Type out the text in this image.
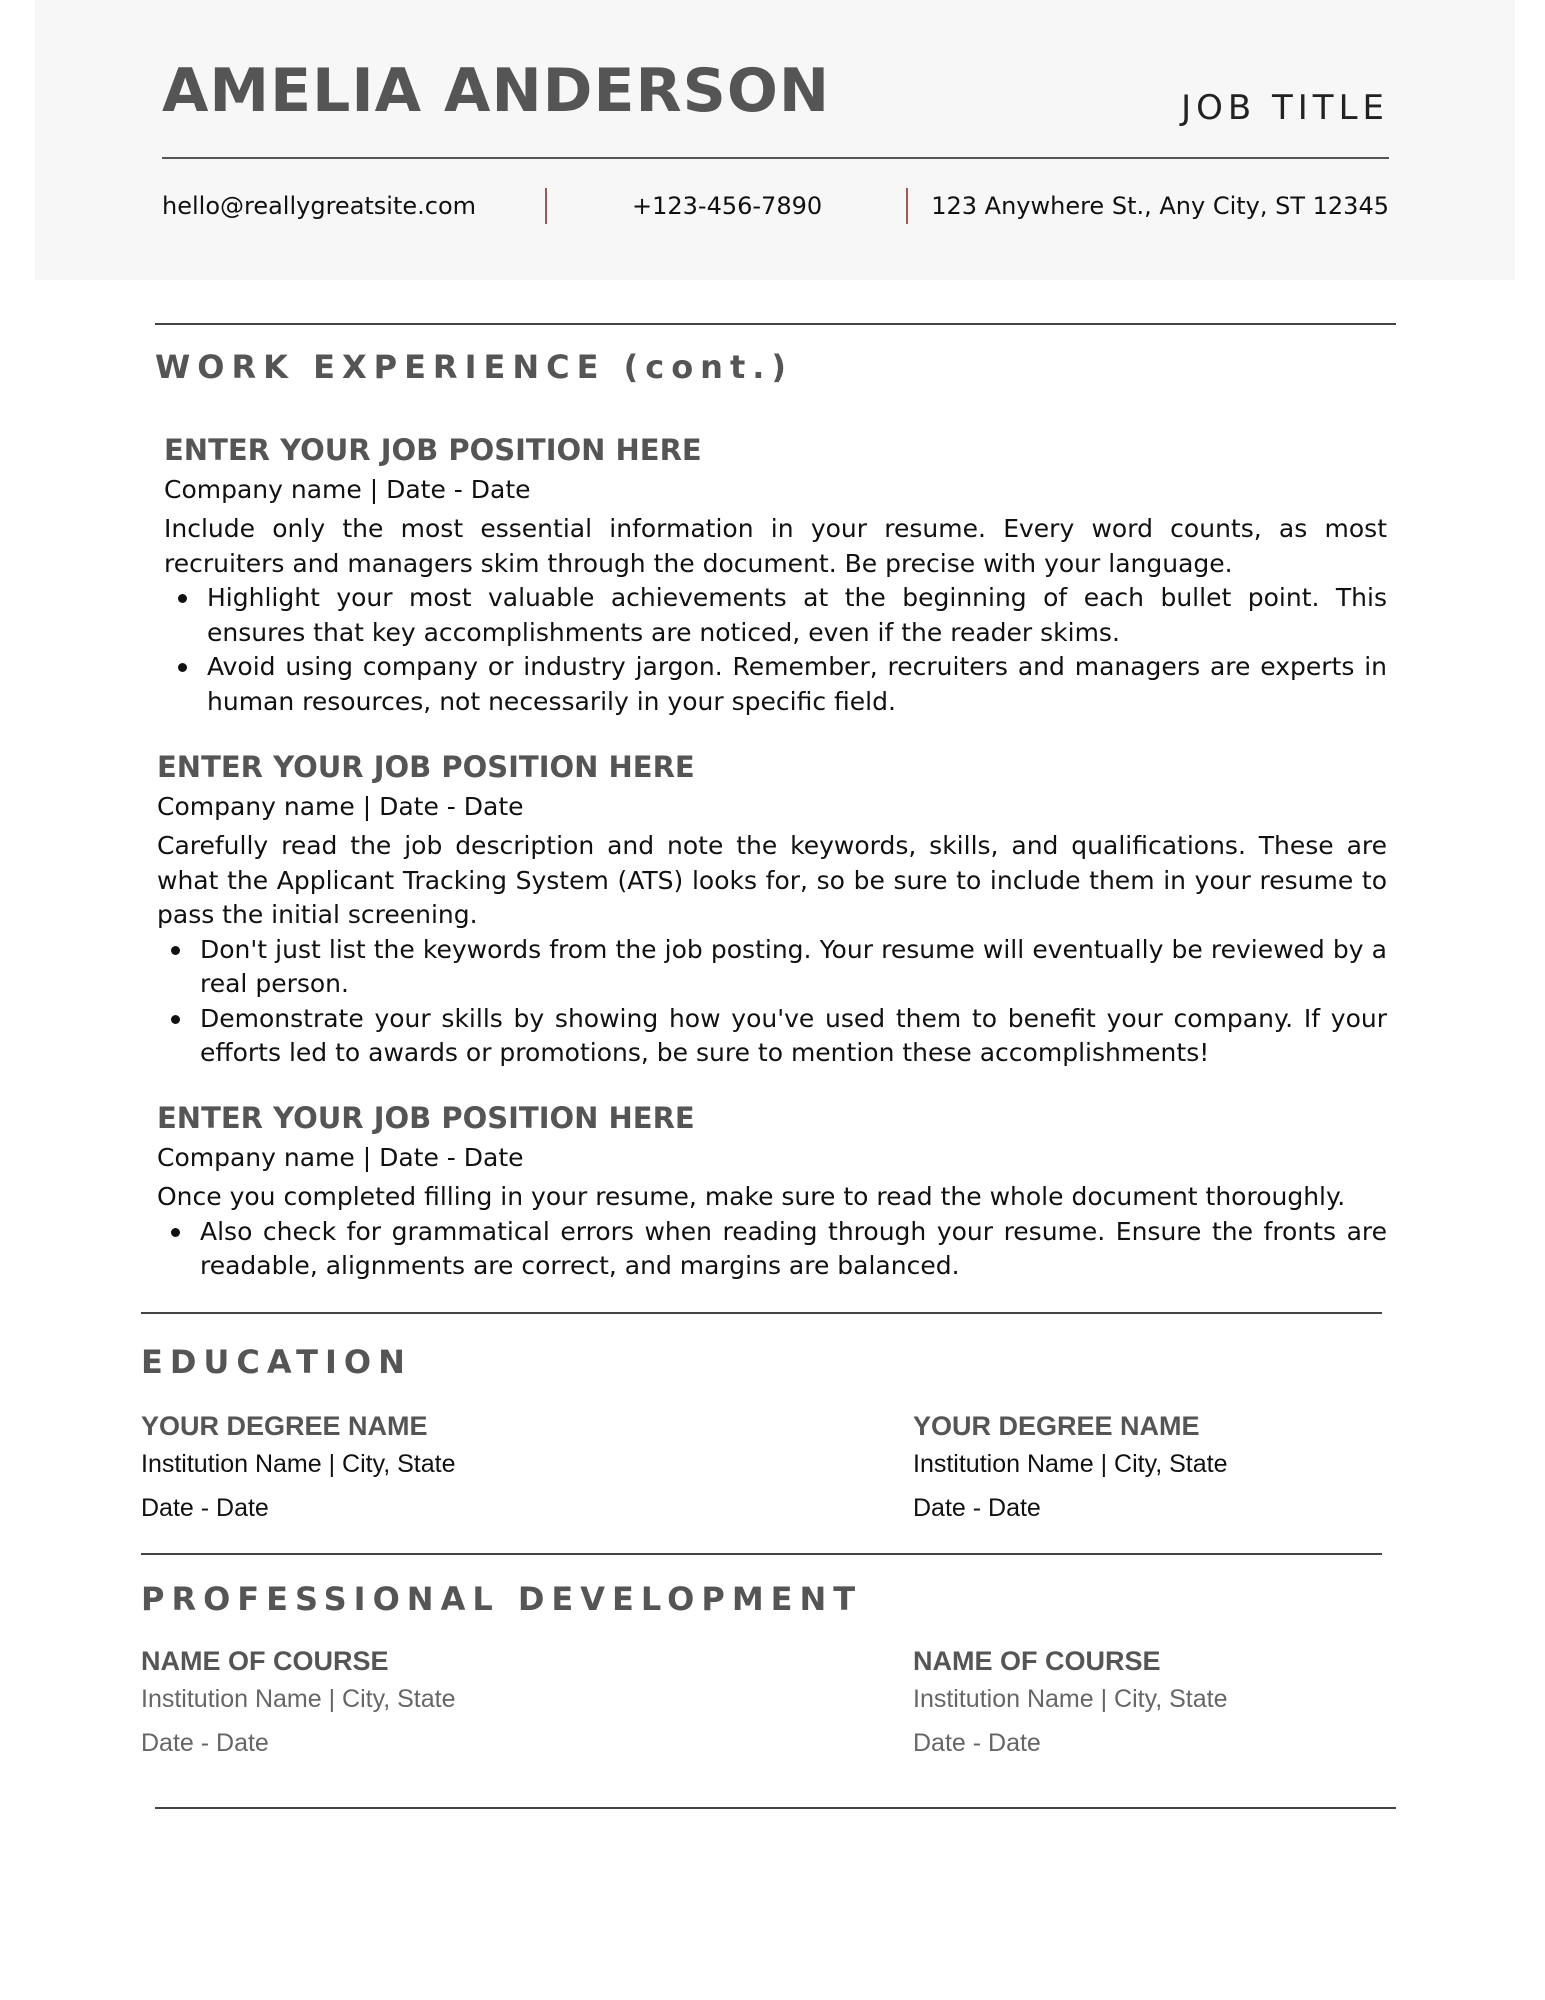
AMELIA ANDERSON	JOB TITLE
hello@reallygreatsite.com	+123-456-7890	123 Anywhere St., Any City, ST 12345
WORK EXPERIENCE (cont.)
ENTER YOUR JOB POSITION HERE
Company name | Date - Date
Include only the most essential information in your resume. Every word counts, as most recruiters and managers skim through the document. Be precise with your language.
Highlight your most valuable achievements at the beginning of each bullet point. This ensures that key accomplishments are noticed, even if the reader skims.
Avoid using company or industry jargon. Remember, recruiters and managers are experts in human resources, not necessarily in your specific field.
ENTER YOUR JOB POSITION HERE
Company name | Date - Date
Carefully read the job description and note the keywords, skills, and qualifications. These are what the Applicant Tracking System (ATS) looks for, so be sure to include them in your resume to pass the initial screening.
Don't just list the keywords from the job posting. Your resume will eventually be reviewed by a real person.
Demonstrate your skills by showing how you've used them to benefit your company. If your efforts led to awards or promotions, be sure to mention these accomplishments!
ENTER YOUR JOB POSITION HERE
Company name | Date - Date
Once you completed filling in your resume, make sure to read the whole document thoroughly.
Also check for grammatical errors when reading through your resume. Ensure the fronts are readable, alignments are correct, and margins are balanced.
EDUCATION
YOUR DEGREE NAME
Institution Name | City, State
Date - Date
YOUR DEGREE NAME
Institution Name | City, State
Date - Date
PROFESSIONAL DEVELOPMENT
NAME OF COURSE
Institution Name | City, State
Date - Date
NAME OF COURSE
Institution Name | City, State
Date - Date
